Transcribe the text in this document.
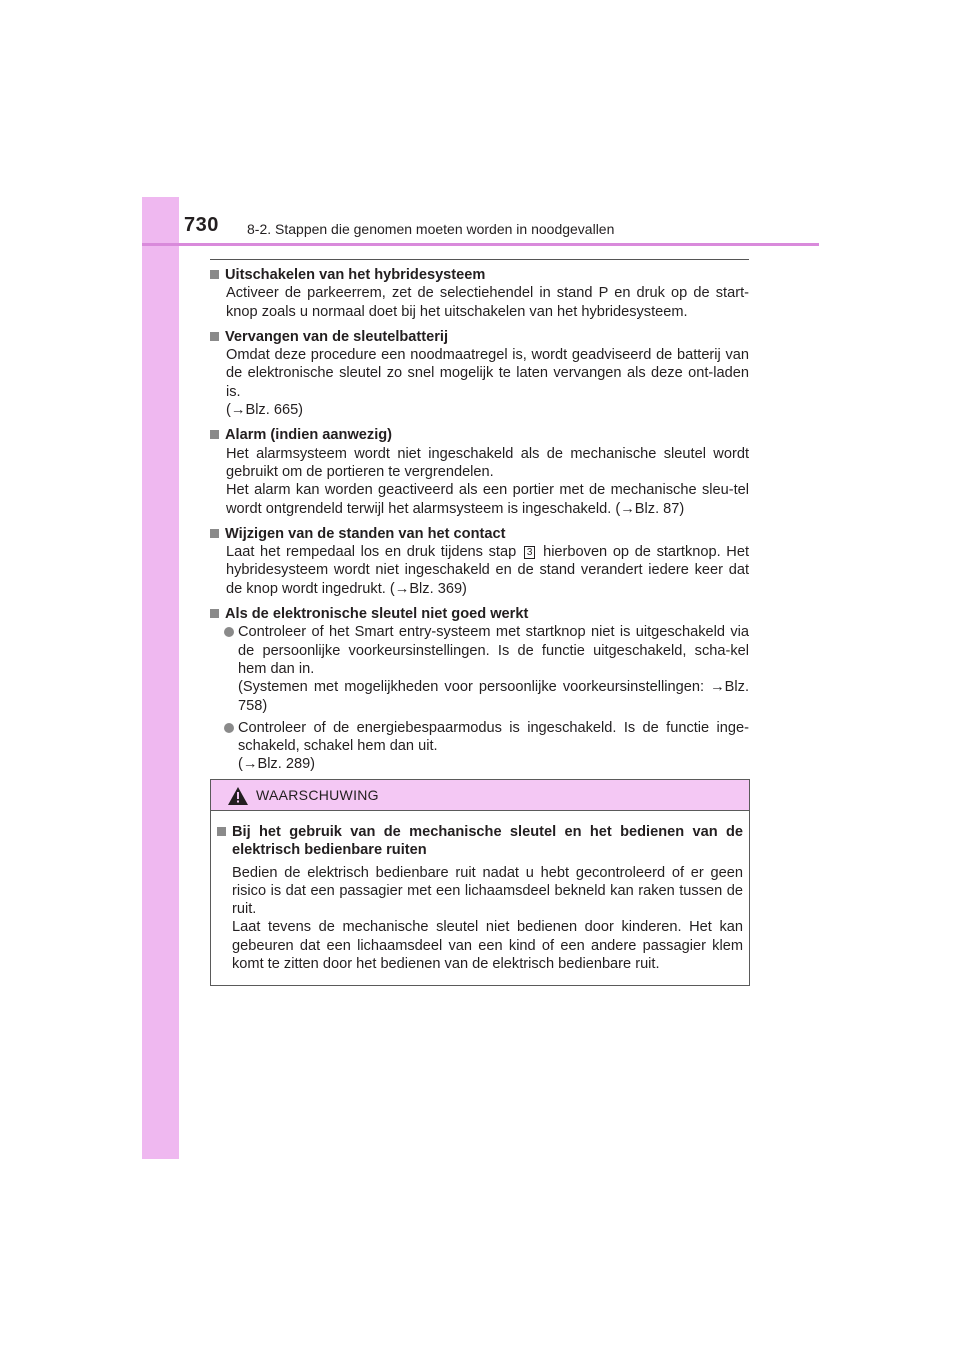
730 8-2. Stappen die genomen moeten worden in noodgevallen
Uitschakelen van het hybridesysteem
Activeer de parkeerrem, zet de selectiehendel in stand P en druk op de start-knop zoals u normaal doet bij het uitschakelen van het hybridesysteem.
Vervangen van de sleutelbatterij
Omdat deze procedure een noodmaatregel is, wordt geadviseerd de batterij van de elektronische sleutel zo snel mogelijk te laten vervangen als deze ont-laden is.
(→Blz. 665)
Alarm (indien aanwezig)
Het alarmsysteem wordt niet ingeschakeld als de mechanische sleutel wordt gebruikt om de portieren te vergrendelen.
Het alarm kan worden geactiveerd als een portier met de mechanische sleu-tel wordt ontgrendeld terwijl het alarmsysteem is ingeschakeld. (→Blz. 87)
Wijzigen van de standen van het contact
Laat het rempedaal los en druk tijdens stap 3 hierboven op de startknop. Het hybridesysteem wordt niet ingeschakeld en de stand verandert iedere keer dat de knop wordt ingedrukt. (→Blz. 369)
Als de elektronische sleutel niet goed werkt
Controleer of het Smart entry-systeem met startknop niet is uitgeschakeld via de persoonlijke voorkeursinstellingen. Is de functie uitgeschakeld, scha-kel hem dan in.
(Systemen met mogelijkheden voor persoonlijke voorkeursinstellingen: →Blz. 758)
Controleer of de energiebespaarmodus is ingeschakeld. Is de functie inge-schakeld, schakel hem dan uit.
(→Blz. 289)
WAARSCHUWING
Bij het gebruik van de mechanische sleutel en het bedienen van de elektrisch bedienbare ruiten
Bedien de elektrisch bedienbare ruit nadat u hebt gecontroleerd of er geen risico is dat een passagier met een lichaamsdeel bekneld kan raken tussen de ruit.
Laat tevens de mechanische sleutel niet bedienen door kinderen. Het kan gebeuren dat een lichaamsdeel van een kind of een andere passagier klem komt te zitten door het bedienen van de elektrisch bedienbare ruit.
